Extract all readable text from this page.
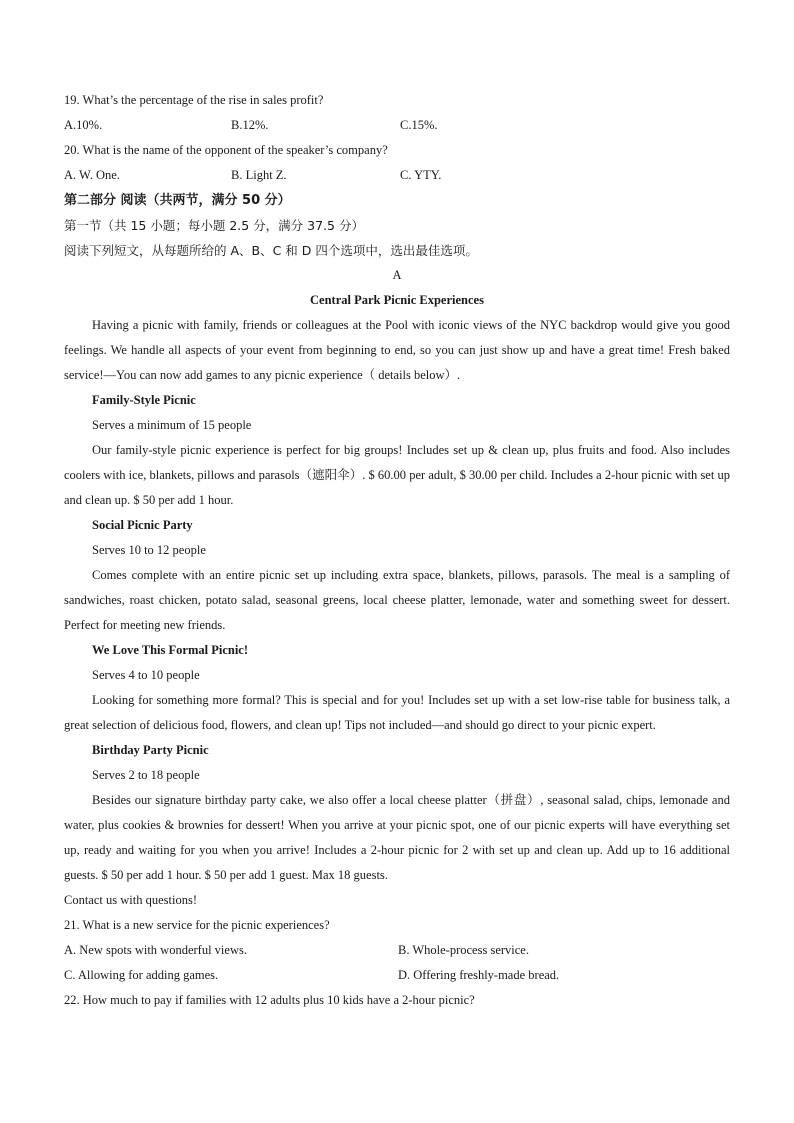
19. What’s the percentage of the rise in sales profit?
A.10%.	B.12%.	C.15%.
20. What is the name of the opponent of the speaker’s company?
A. W. One.	B. Light Z.	C. YTY.
第二部分 阅读（共两节，满分 50 分）
第一节（共 15 小题；每小题 2.5 分，满分 37.5 分）
阅读下列短文，从每题所给的 A、B、C 和 D 四个选项中，选出最佳选项。
A
Central Park Picnic Experiences
Having a picnic with family, friends or colleagues at the Pool with iconic views of the NYC backdrop would give you good feelings. We handle all aspects of your event from beginning to end, so you can just show up and have a great time! Fresh baked service!—You can now add games to any picnic experience（ details below）.
Family-Style Picnic
Serves a minimum of 15 people
Our family-style picnic experience is perfect for big groups! Includes set up & clean up, plus fruits and food. Also includes coolers with ice, blankets, pillows and parasols（遮阳伞）. $ 60.00 per adult, $ 30.00 per child. Includes a 2-hour picnic with set up and clean up. $ 50 per add 1 hour.
Social Picnic Party
Serves 10 to 12 people
Comes complete with an entire picnic set up including extra space, blankets, pillows, parasols. The meal is a sampling of sandwiches, roast chicken, potato salad, seasonal greens, local cheese platter, lemonade, water and something sweet for dessert. Perfect for meeting new friends.
We Love This Formal Picnic!
Serves 4 to 10 people
Looking for something more formal? This is special and for you! Includes set up with a set low-rise table for business talk, a great selection of delicious food, flowers, and clean up! Tips not included—and should go direct to your picnic expert.
Birthday Party Picnic
Serves 2 to 18 people
Besides our signature birthday party cake, we also offer a local cheese platter（拼盘）, seasonal salad, chips, lemonade and water, plus cookies & brownies for dessert! When you arrive at your picnic spot, one of our picnic experts will have everything set up, ready and waiting for you when you arrive! Includes a 2-hour picnic for 2 with set up and clean up. Add up to 16 additional guests. $ 50 per add 1 hour. $ 50 per add 1 guest. Max 18 guests.
Contact us with questions!
21. What is a new service for the picnic experiences?
A. New spots with wonderful views.	B. Whole-process service.
C. Allowing for adding games.	D. Offering freshly-made bread.
22. How much to pay if families with 12 adults plus 10 kids have a 2-hour picnic?
